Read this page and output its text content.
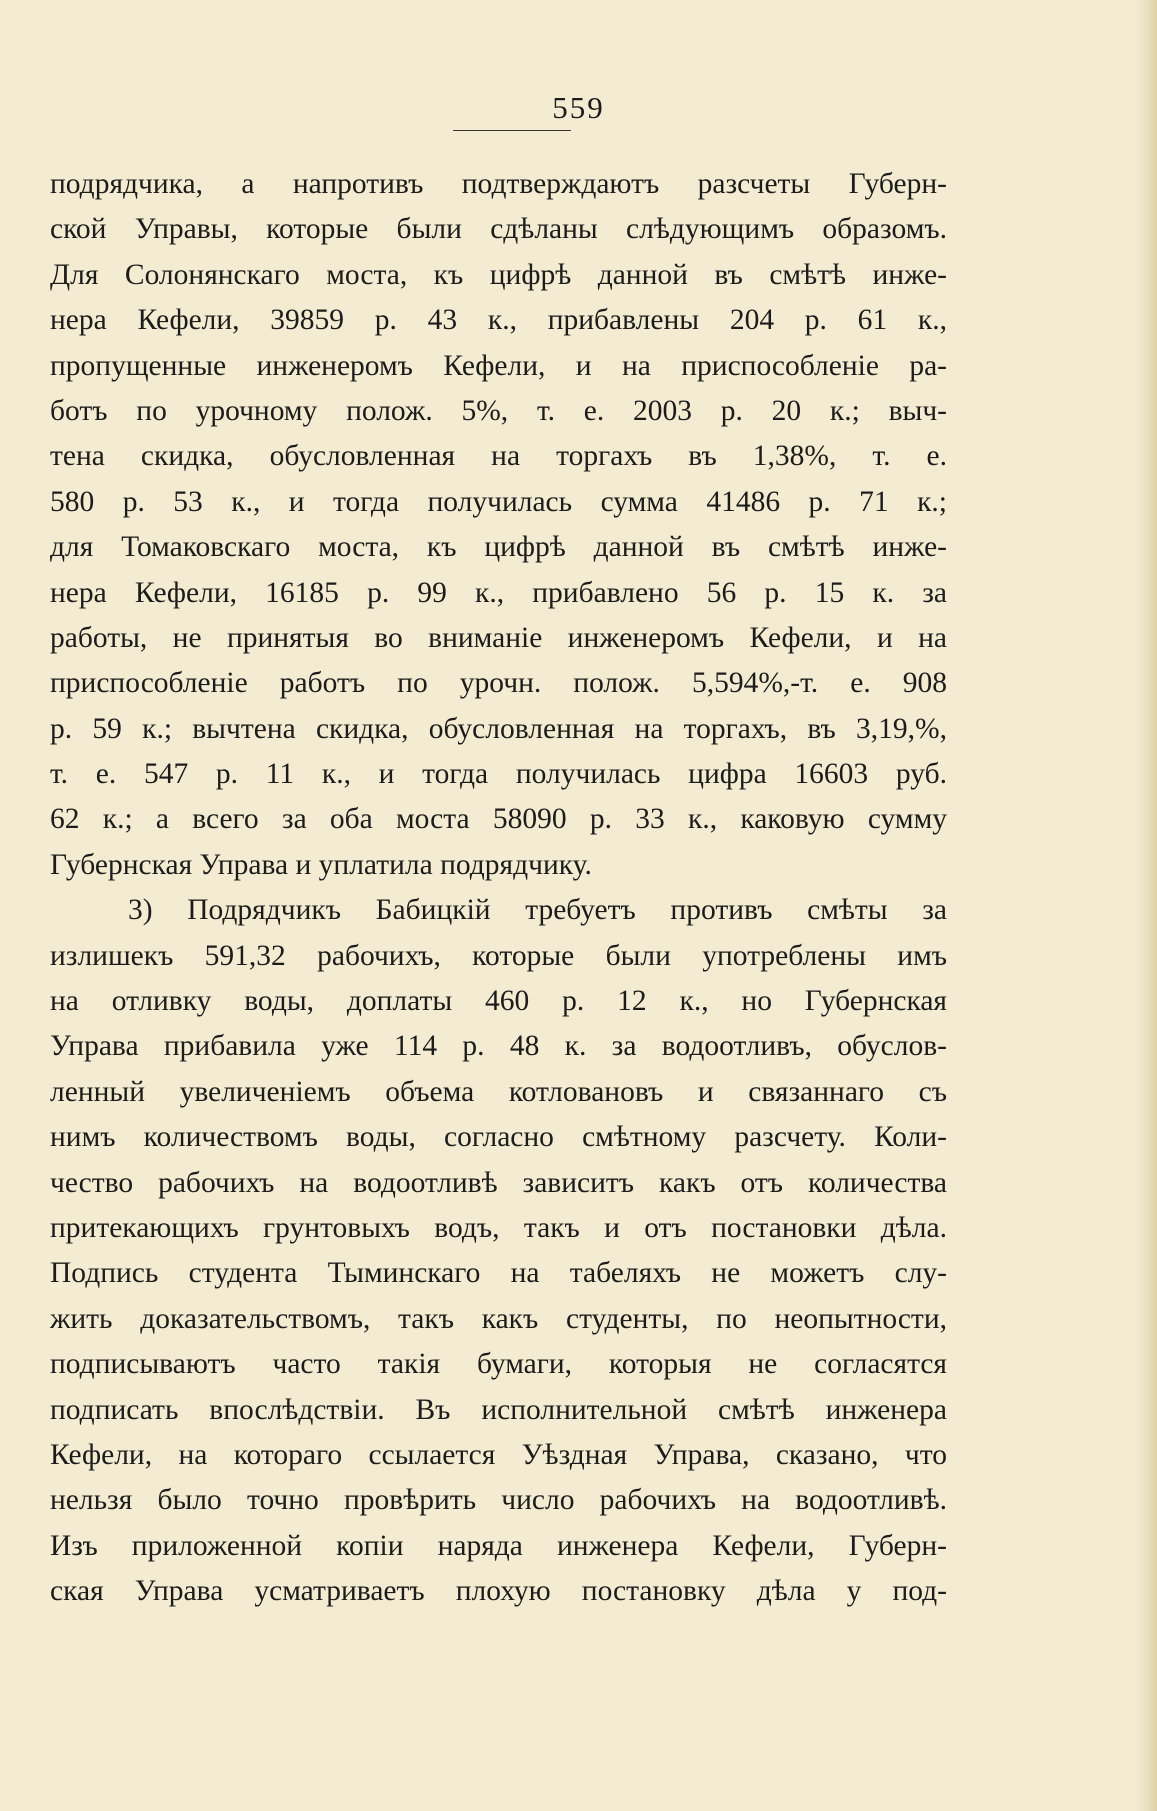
559

подрядчика, а напротивъ подтверждаютъ разсчеты Губерн-
ской Управы, которые были сдѣланы слѣдующимъ образомъ.
Для Солонянскаго моста, къ цифрѣ данной въ смѣтѣ инже-
нера Кефели, 39859 р. 43 к., прибавлены 204 р. 61 к.,
пропущенные инженеромъ Кефели, и на приспособленіе ра-
ботъ по урочному полож. 5%, т. е. 2003 р. 20 к.; выч-
тена скидка, обусловленная на торгахъ въ 1,38%, т. е.
580 р. 53 к., и тогда получилась сумма 41486 р. 71 к.;
для Томаковскаго моста, къ цифрѣ данной въ смѣтѣ инже-
нера Кефели, 16185 р. 99 к., прибавлено 56 р. 15 к. за
работы, не принятыя во вниманіе инженеромъ Кефели, и на
приспособленіе работъ по урочн. полож. 5,594%,-т. е. 908
р. 59 к.; вычтена скидка, обусловленная на торгахъ, въ 3,19,%,
т. е. 547 р. 11 к., и тогда получилась цифра 16603 руб.
62 к.; а всего за оба моста 58090 р. 33 к., каковую сумму
Губернская Управа и уплатила подрядчику.

3) Подрядчикъ Бабицкій требуетъ противъ смѣты за
излишекъ 591,32 рабочихъ, которые были употреблены имъ
на отливку воды, доплаты 460 р. 12 к., но Губернская
Управа прибавила уже 114 р. 48 к. за водоотливъ, обуслов-
ленный увеличеніемъ объема котловановъ и связаннаго съ
нимъ количествомъ воды, согласно смѣтному разсчету. Коли-
чество рабочихъ на водоотливѣ зависитъ какъ отъ количества
притекающихъ грунтовыхъ водъ, такъ и отъ постановки дѣла.
Подпись студента Тыминскаго на табеляхъ не можетъ слу-
жить доказательствомъ, такъ какъ студенты, по неопытности,
подписываютъ часто такія бумаги, которыя не согласятся
подписать впослѣдствіи. Въ исполнительной смѣтѣ инженера
Кефели, на котораго ссылается Уѣздная Управа, сказано, что
нельзя было точно провѣрить число рабочихъ на водоотливѣ.
Изъ приложенной копіи наряда инженера Кефели, Губерн-
ская Управа усматриваетъ плохую постановку дѣла у под-
